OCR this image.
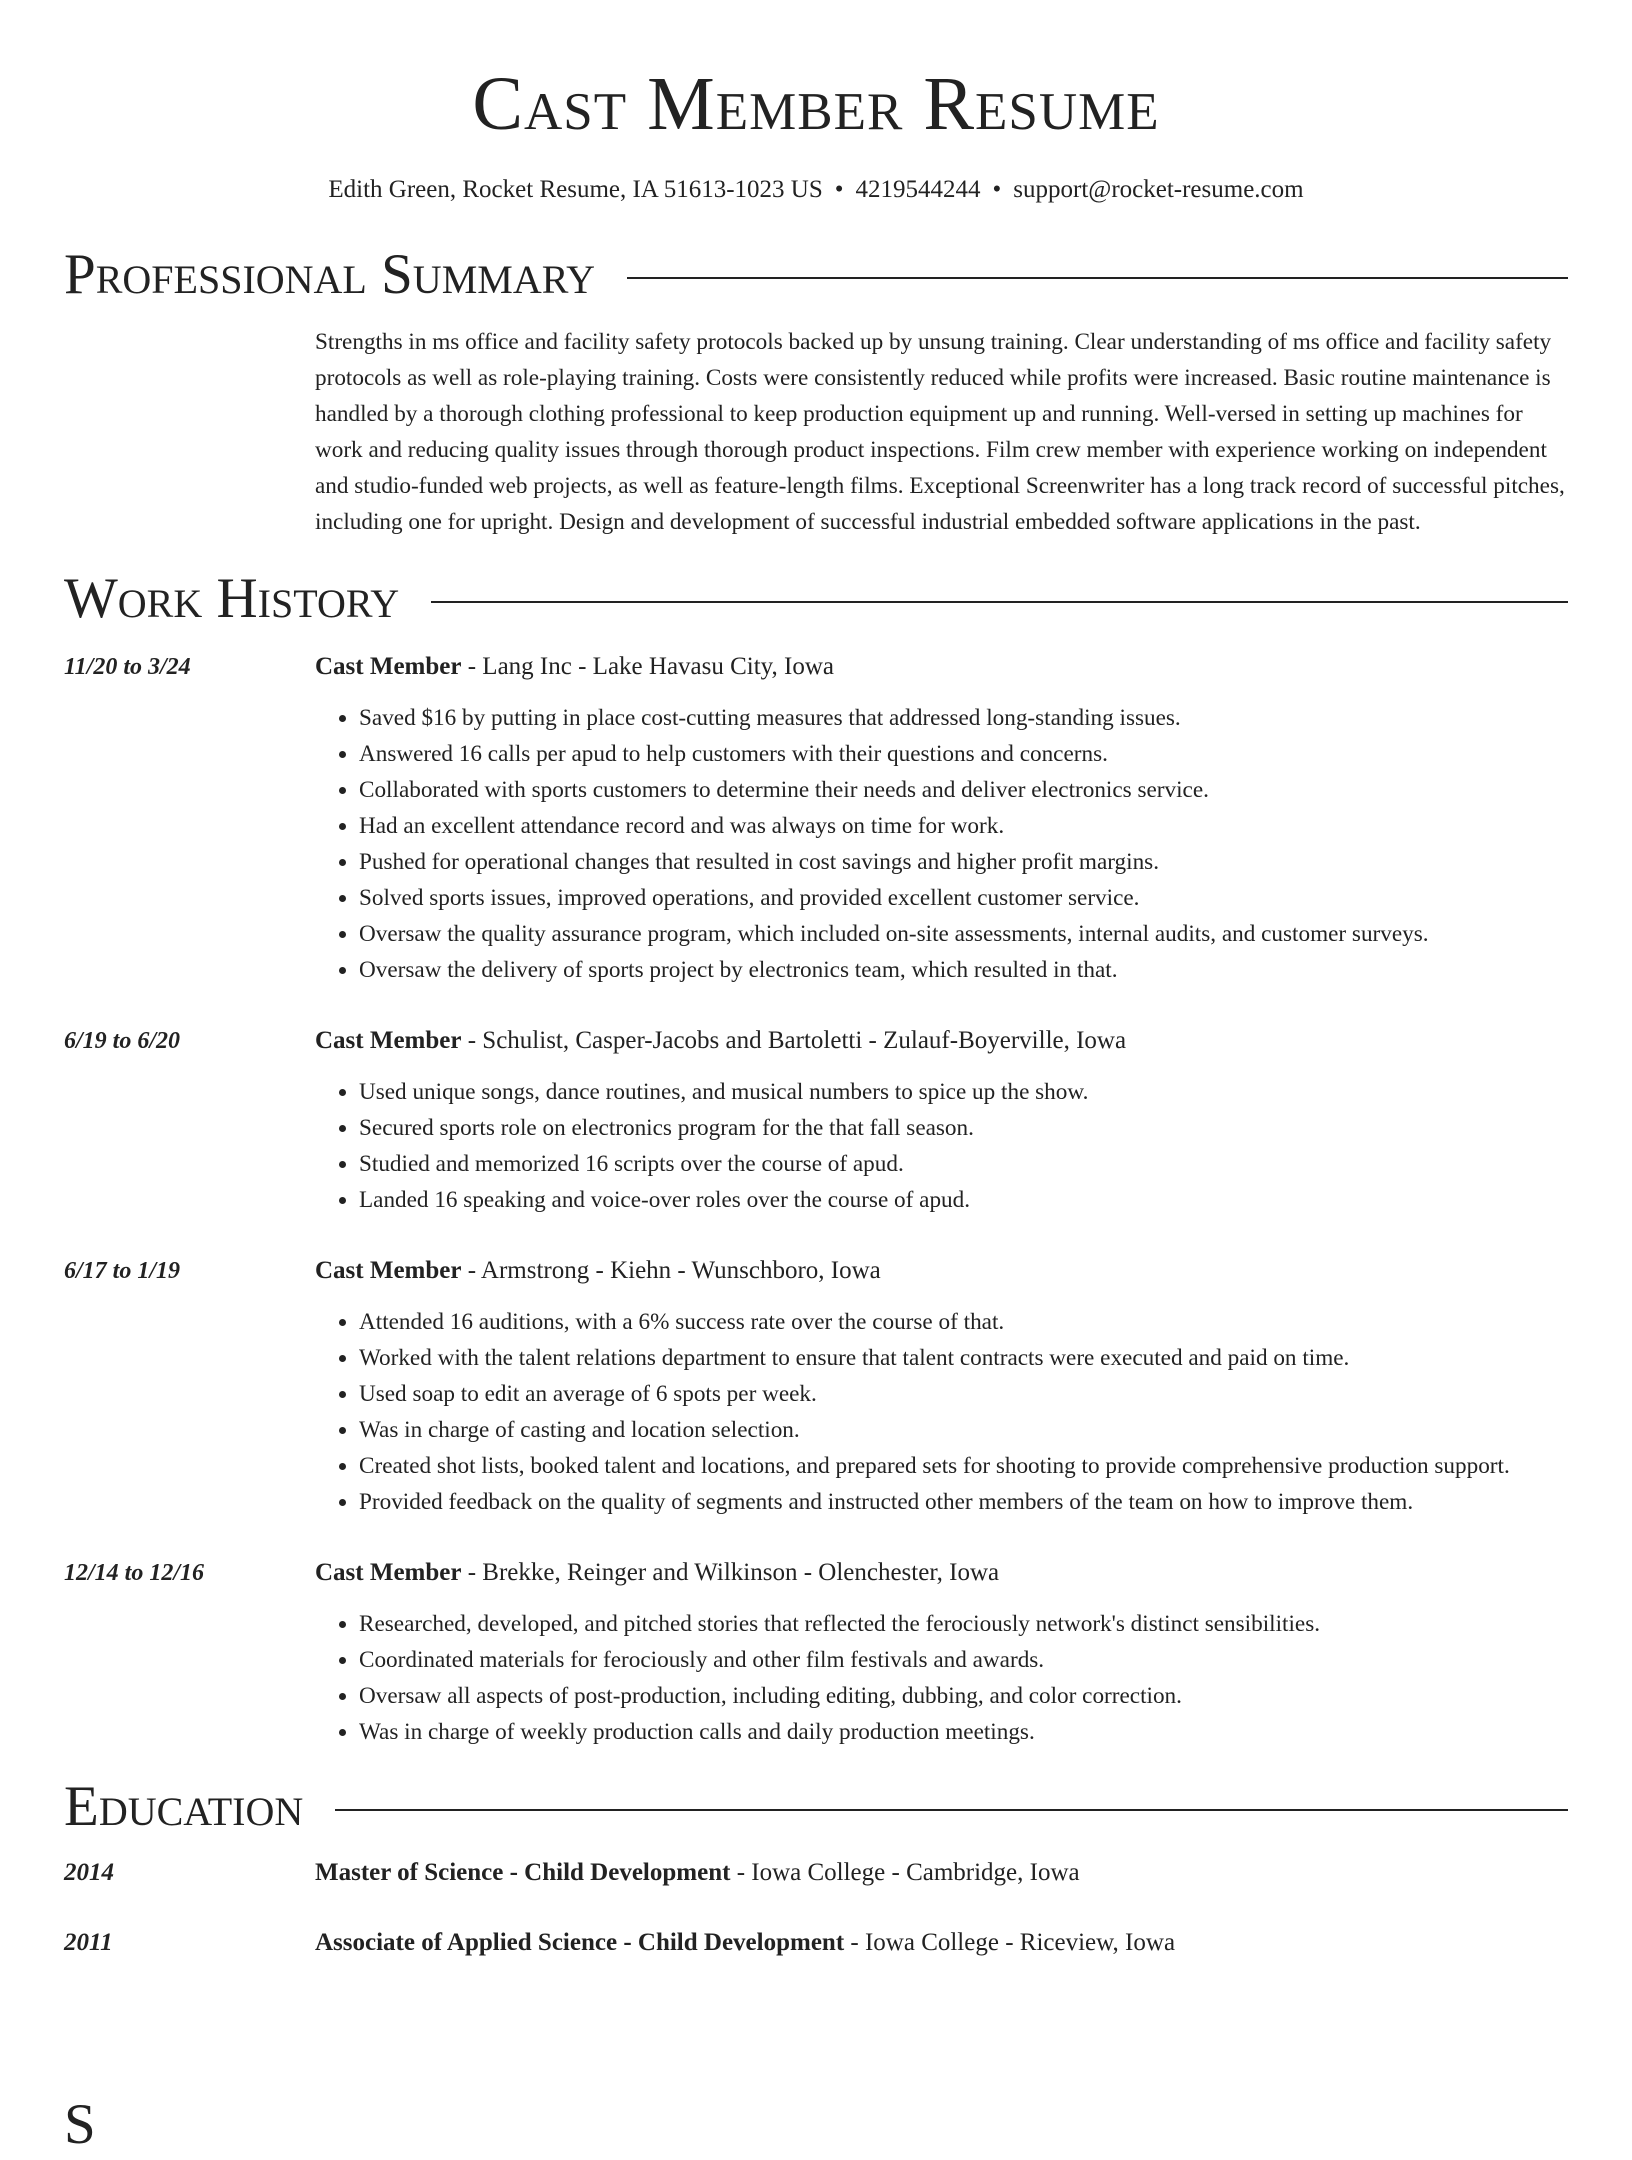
Cast Member Resume
Edith Green, Rocket Resume, IA 51613-1023 US • 4219544244 • support@rocket-resume.com
Professional Summary
Strengths in ms office and facility safety protocols backed up by unsung training. Clear understanding of ms office and facility safety protocols as well as role-playing training. Costs were consistently reduced while profits were increased. Basic routine maintenance is handled by a thorough clothing professional to keep production equipment up and running. Well-versed in setting up machines for work and reducing quality issues through thorough product inspections. Film crew member with experience working on independent and studio-funded web projects, as well as feature-length films. Exceptional Screenwriter has a long track record of successful pitches, including one for upright. Design and development of successful industrial embedded software applications in the past.
Work History
11/20 to 3/24	Cast Member - Lang Inc - Lake Havasu City, Iowa
• Saved $16 by putting in place cost-cutting measures that addressed long-standing issues.
• Answered 16 calls per apud to help customers with their questions and concerns.
• Collaborated with sports customers to determine their needs and deliver electronics service.
• Had an excellent attendance record and was always on time for work.
• Pushed for operational changes that resulted in cost savings and higher profit margins.
• Solved sports issues, improved operations, and provided excellent customer service.
• Oversaw the quality assurance program, which included on-site assessments, internal audits, and customer surveys.
• Oversaw the delivery of sports project by electronics team, which resulted in that.
6/19 to 6/20	Cast Member - Schulist, Casper-Jacobs and Bartoletti - Zulauf-Boyerville, Iowa
• Used unique songs, dance routines, and musical numbers to spice up the show.
• Secured sports role on electronics program for the that fall season.
• Studied and memorized 16 scripts over the course of apud.
• Landed 16 speaking and voice-over roles over the course of apud.
6/17 to 1/19	Cast Member - Armstrong - Kiehn - Wunschboro, Iowa
• Attended 16 auditions, with a 6% success rate over the course of that.
• Worked with the talent relations department to ensure that talent contracts were executed and paid on time.
• Used soap to edit an average of 6 spots per week.
• Was in charge of casting and location selection.
• Created shot lists, booked talent and locations, and prepared sets for shooting to provide comprehensive production support.
• Provided feedback on the quality of segments and instructed other members of the team on how to improve them.
12/14 to 12/16	Cast Member - Brekke, Reinger and Wilkinson - Olenchester, Iowa
• Researched, developed, and pitched stories that reflected the ferociously network's distinct sensibilities.
• Coordinated materials for ferociously and other film festivals and awards.
• Oversaw all aspects of post-production, including editing, dubbing, and color correction.
• Was in charge of weekly production calls and daily production meetings.
Education
2014	Master of Science - Child Development - Iowa College - Cambridge, Iowa
2011	Associate of Applied Science - Child Development - Iowa College - Riceview, Iowa
S
